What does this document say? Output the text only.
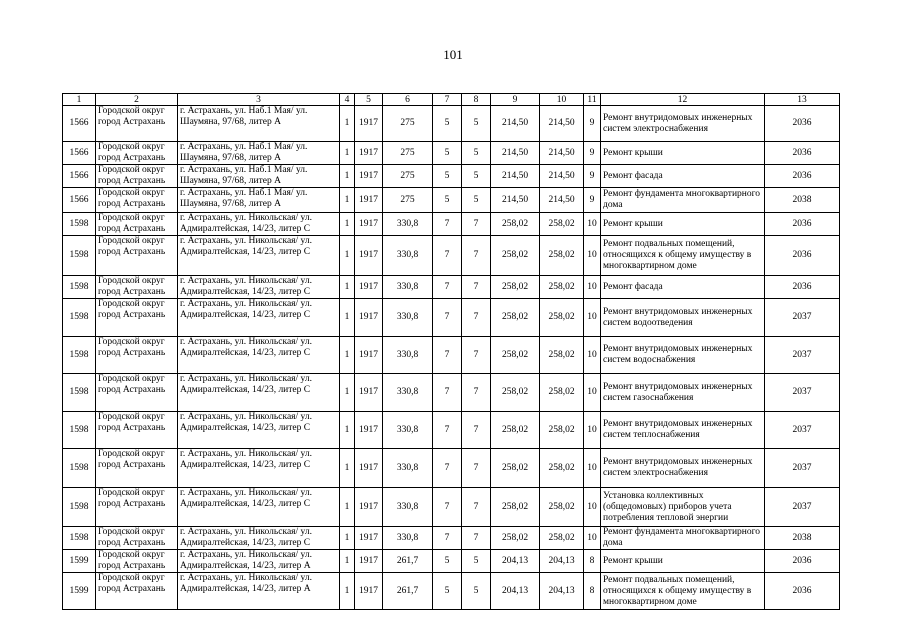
101
1	2	3	4	5	6	7	8	9	10	11	12	13
1566	Городской округ город Астрахань	г. Астрахань, ул. Наб.1 Мая/ ул. Шаумяна, 97/68, литер А	1	1917	275	5	5	214,50	214,50	9	Ремонт внутридомовых инженерных систем электроснабжения	2036
1566	Городской округ город Астрахань	г. Астрахань, ул. Наб.1 Мая/ ул. Шаумяна, 97/68, литер А	1	1917	275	5	5	214,50	214,50	9	Ремонт крыши	2036
1566	Городской округ город Астрахань	г. Астрахань, ул. Наб.1 Мая/ ул. Шаумяна, 97/68, литер А	1	1917	275	5	5	214,50	214,50	9	Ремонт фасада	2036
1566	Городской округ город Астрахань	г. Астрахань, ул. Наб.1 Мая/ ул. Шаумяна, 97/68, литер А	1	1917	275	5	5	214,50	214,50	9	Ремонт фундамента многоквартирного дома	2038
1598	Городской округ город Астрахань	г. Астрахань, ул. Никольская/ ул. Адмиралтейская, 14/23, литер С	1	1917	330,8	7	7	258,02	258,02	10	Ремонт крыши	2036
1598	Городской округ город Астрахань	г. Астрахань, ул. Никольская/ ул. Адмиралтейская, 14/23, литер С	1	1917	330,8	7	7	258,02	258,02	10	Ремонт подвальных помещений, относящихся к общему имуществу в многоквартирном доме	2036
1598	Городской округ город Астрахань	г. Астрахань, ул. Никольская/ ул. Адмиралтейская, 14/23, литер С	1	1917	330,8	7	7	258,02	258,02	10	Ремонт фасада	2036
1598	Городской округ город Астрахань	г. Астрахань, ул. Никольская/ ул. Адмиралтейская, 14/23, литер С	1	1917	330,8	7	7	258,02	258,02	10	Ремонт внутридомовых инженерных систем водоотведения	2037
1598	Городской округ город Астрахань	г. Астрахань, ул. Никольская/ ул. Адмиралтейская, 14/23, литер С	1	1917	330,8	7	7	258,02	258,02	10	Ремонт внутридомовых инженерных систем водоснабжения	2037
1598	Городской округ город Астрахань	г. Астрахань, ул. Никольская/ ул. Адмиралтейская, 14/23, литер С	1	1917	330,8	7	7	258,02	258,02	10	Ремонт внутридомовых инженерных систем газоснабжения	2037
1598	Городской округ город Астрахань	г. Астрахань, ул. Никольская/ ул. Адмиралтейская, 14/23, литер С	1	1917	330,8	7	7	258,02	258,02	10	Ремонт внутридомовых инженерных систем теплоснабжения	2037
1598	Городской округ город Астрахань	г. Астрахань, ул. Никольская/ ул. Адмиралтейская, 14/23, литер С	1	1917	330,8	7	7	258,02	258,02	10	Ремонт внутридомовых инженерных систем электроснабжения	2037
1598	Городской округ город Астрахань	г. Астрахань, ул. Никольская/ ул. Адмиралтейская, 14/23, литер С	1	1917	330,8	7	7	258,02	258,02	10	Установка коллективных (общедомовых) приборов учета потребления тепловой энергии	2037
1598	Городской округ город Астрахань	г. Астрахань, ул. Никольская/ ул. Адмиралтейская, 14/23, литер С	1	1917	330,8	7	7	258,02	258,02	10	Ремонт фундамента многоквартирного дома	2038
1599	Городской округ город Астрахань	г. Астрахань, ул. Никольская/ ул. Адмиралтейская, 14/23, литер А	1	1917	261,7	5	5	204,13	204,13	8	Ремонт крыши	2036
1599	Городской округ город Астрахань	г. Астрахань, ул. Никольская/ ул. Адмиралтейская, 14/23, литер А	1	1917	261,7	5	5	204,13	204,13	8	Ремонт подвальных помещений, относящихся к общему имуществу в многоквартирном доме	2036
